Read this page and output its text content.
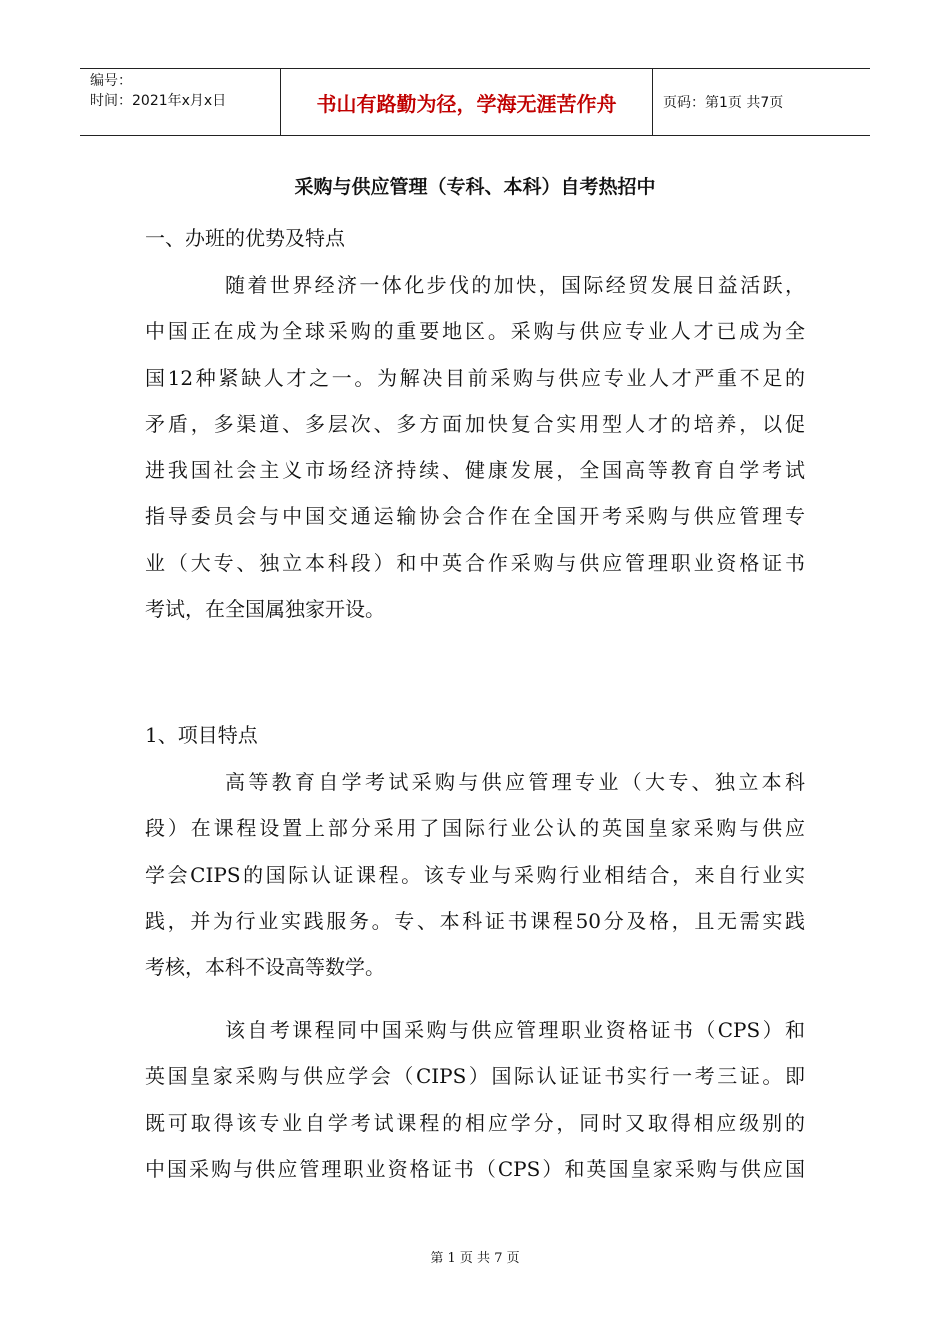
编号：
时间：2021年x月x日	书山有路勤为径，学海无涯苦作舟	页码：第1页 共7页
采购与供应管理（专科、本科）自考热招中
一、办班的优势及特点
随着世界经济一体化步伐的加快，国际经贸发展日益活跃，
中国正在成为全球采购的重要地区。采购与供应专业人才已成为全
国12种紧缺人才之一。为解决目前采购与供应专业人才严重不足的
矛盾，多渠道、多层次、多方面加快复合实用型人才的培养，以促
进我国社会主义市场经济持续、健康发展，全国高等教育自学考试
指导委员会与中国交通运输协会合作在全国开考采购与供应管理专
业（大专、独立本科段）和中英合作采购与供应管理职业资格证书
考试，在全国属独家开设。
1、项目特点
高等教育自学考试采购与供应管理专业（大专、独立本科
段）在课程设置上部分采用了国际行业公认的英国皇家采购与供应
学会CIPS的国际认证课程。该专业与采购行业相结合，来自行业实
践，并为行业实践服务。专、本科证书课程50分及格，且无需实践
考核，本科不设高等数学。
该自考课程同中国采购与供应管理职业资格证书（CPS）和
英国皇家采购与供应学会（CIPS）国际认证证书实行一考三证。即
既可取得该专业自学考试课程的相应学分，同时又取得相应级别的
中国采购与供应管理职业资格证书（CPS）和英国皇家采购与供应国
第 1 页 共 7 页
